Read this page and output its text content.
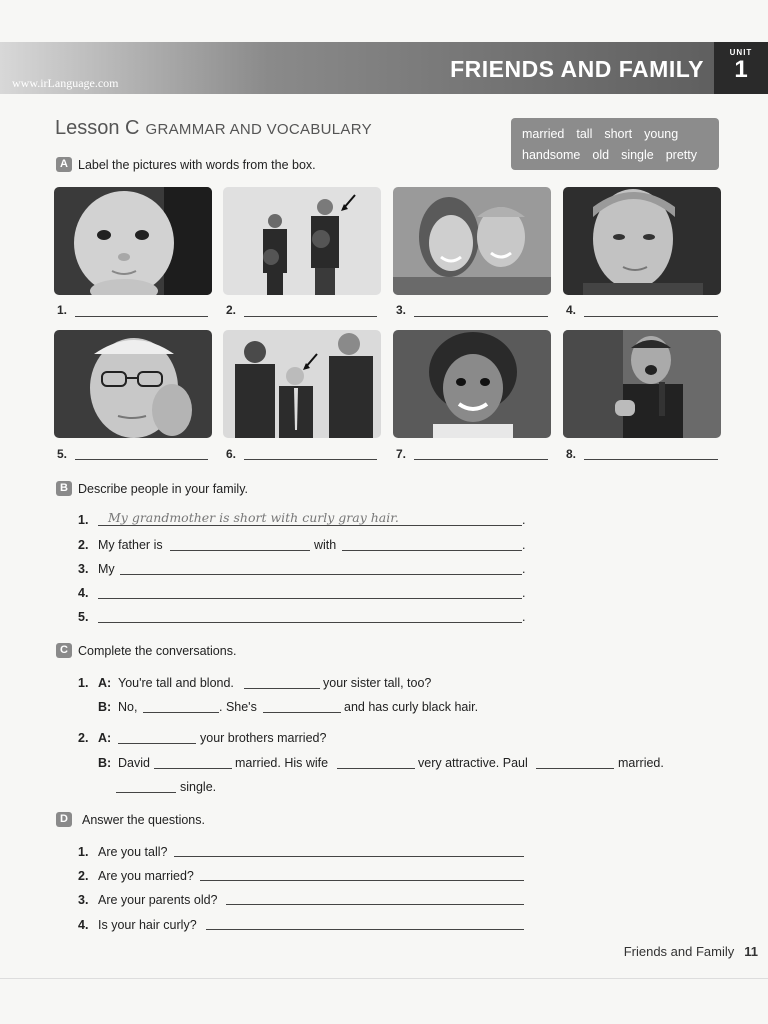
www.irLanguage.com
FRIENDS AND FAMILY
UNIT
1
Lesson C GRAMMAR AND VOCABULARY	married tall short young
handsome old single pretty
A Label the pictures with words from the box.
1.	2.	3.	4.
5.	6.	7.	8.
B Describe people in your family.
1. My grandmother is short with curly gray hair.	.
2. My father is	with	.
3. My	.
4.	.
5.	.
C Complete the conversations.
1. A: You're tall and blond.	your sister tall, too?
B: No,	. She's	and has curly black hair.
2. A:	your brothers married?
B: David	married. His wife	very attractive. Paul	married.
single.
D	Answer the questions.
1. Are you tall?
2. Are you married?
3. Are your parents old?
4. Is your hair curly?
Friends and Family 11
